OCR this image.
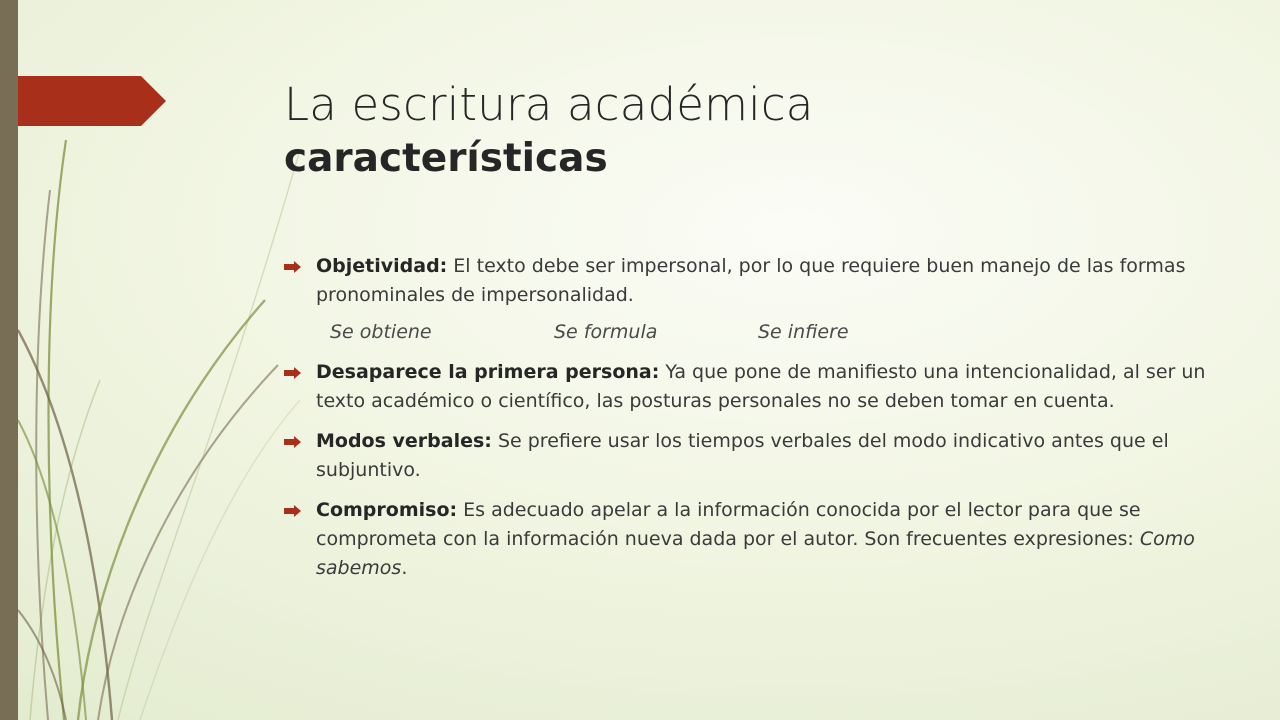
La escritura académica
características
Objetividad: El texto debe ser impersonal, por lo que requiere buen manejo de las formas pronominales de impersonalidad.
Se obtiene	Se formula	Se infiere
Desaparece la primera persona: Ya que pone de manifiesto una intencionalidad, al ser un texto académico o científico, las posturas personales no se deben tomar en cuenta.
Modos verbales: Se prefiere usar los tiempos verbales del modo indicativo antes que el subjuntivo.
Compromiso: Es adecuado apelar a la información conocida por el lector para que se comprometa con la información nueva dada por el autor. Son frecuentes expresiones: Como sabemos.
